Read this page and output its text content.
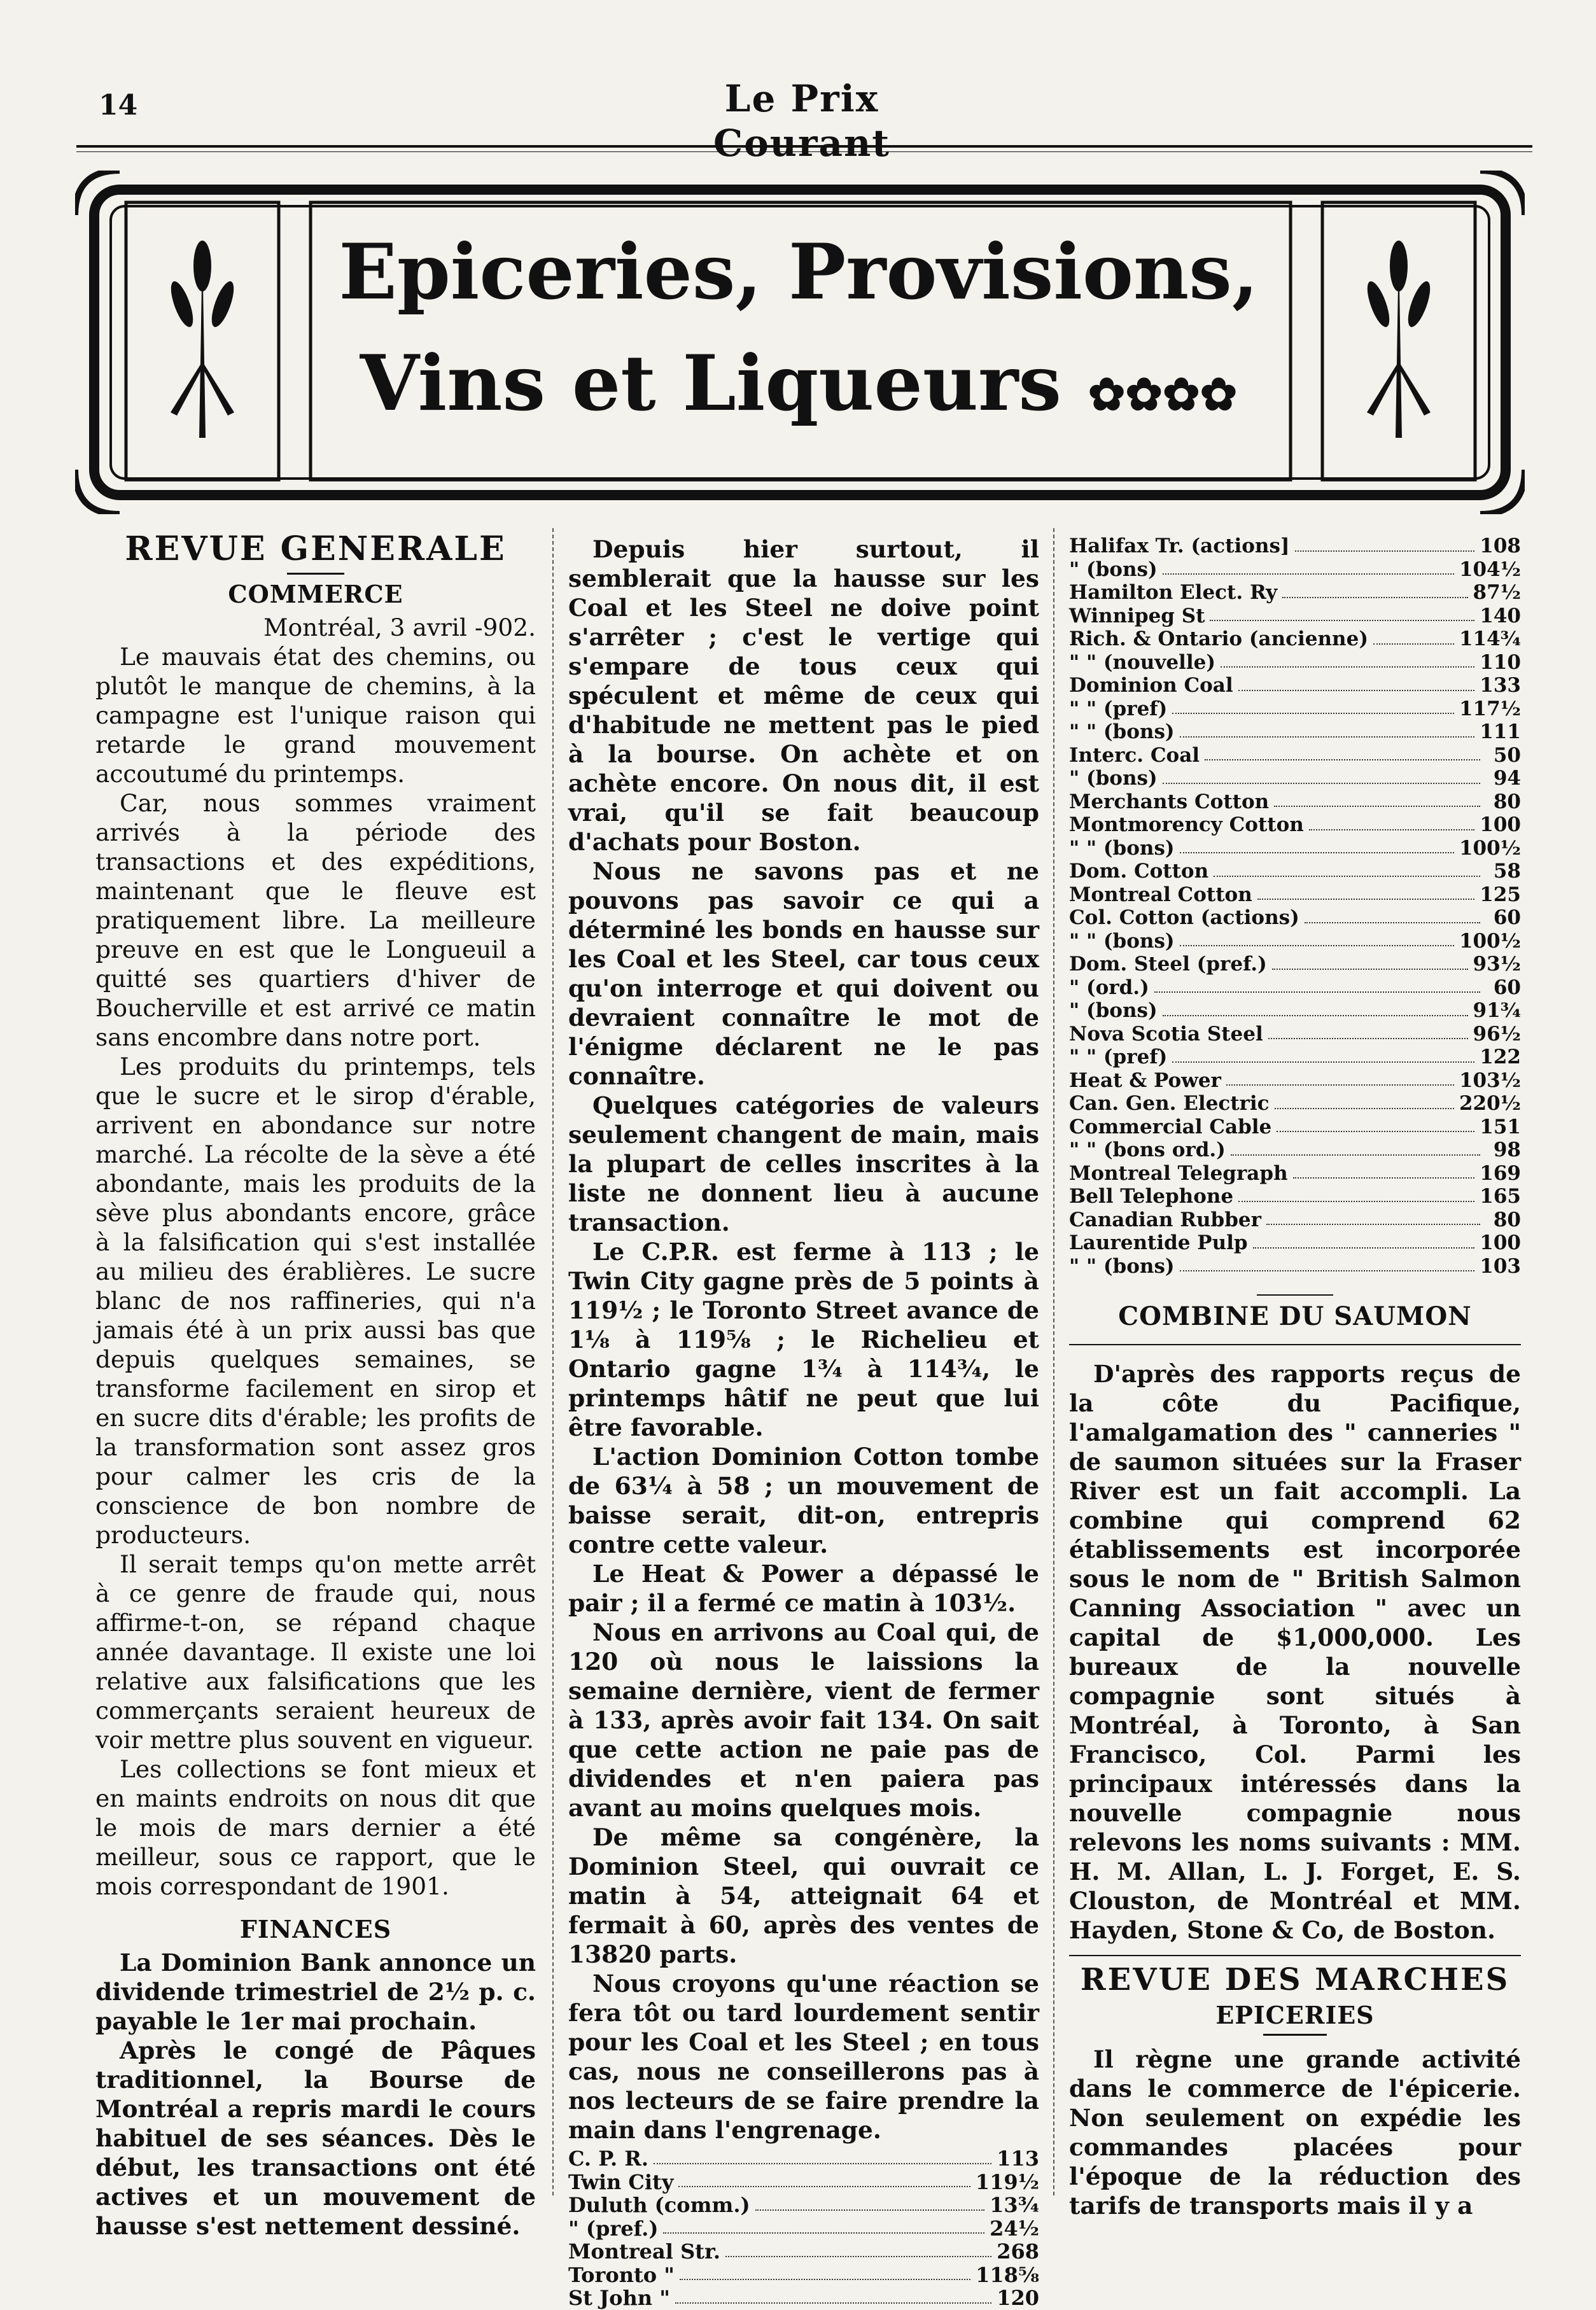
14	Le Prix Courant
Epiceries, Provisions,
Vins et Liqueurs ✿✿✿✿
REVUE GENERALE
COMMERCE

Montréal, 3 avril -902.

Le mauvais état des chemins, ou plutôt le manque de chemins, à la campagne est l'unique raison qui retarde le grand mouvement accoutumé du printemps.

Car, nous sommes vraiment arrivés à la période des transactions et des expéditions, maintenant que le fleuve est pratiquement libre. La meilleure preuve en est que le Longueuil a quitté ses quartiers d'hiver de Boucherville et est arrivé ce matin sans encombre dans notre port.

Les produits du printemps, tels que le sucre et le sirop d'érable, arrivent en abondance sur notre marché. La récolte de la sève a été abondante, mais les produits de la sève plus abondants encore, grâce à la falsification qui s'est installée au milieu des érablières. Le sucre blanc de nos raffineries, qui n'a jamais été à un prix aussi bas que depuis quelques semaines, se transforme facilement en sirop et en sucre dits d'érable; les profits de la transformation sont assez gros pour calmer les cris de la conscience de bon nombre de producteurs.

Il serait temps qu'on mette arrêt à ce genre de fraude qui, nous affirme-t-on, se répand chaque année davantage. Il existe une loi relative aux falsifications que les commerçants seraient heureux de voir mettre plus souvent en vigueur.

Les collections se font mieux et en maints endroits on nous dit que le mois de mars dernier a été meilleur, sous ce rapport, que le mois correspondant de 1901.

FINANCES

La Dominion Bank annonce un dividende trimestriel de 2½ p. c. payable le 1er mai prochain.

Après le congé de Pâques traditionnel, la Bourse de Montréal a repris mardi le cours habituel de ses séances. Dès le début, les transactions ont été actives et un mouvement de hausse s'est nettement dessiné.

Depuis hier surtout, il semblerait que la hausse sur les Coal et les Steel ne doive point s'arrêter ; c'est le vertige qui s'empare de tous ceux qui spéculent et même de ceux qui d'habitude ne mettent pas le pied à la bourse. On achète et on achète encore. On nous dit, il est vrai, qu'il se fait beaucoup d'achats pour Boston.

Nous ne savons pas et ne pouvons pas savoir ce qui a déterminé les bonds en hausse sur les Coal et les Steel, car tous ceux qu'on interroge et qui doivent ou devraient connaître le mot de l'énigme déclarent ne le pas connaître.

Quelques catégories de valeurs seulement changent de main, mais la plupart de celles inscrites à la liste ne donnent lieu à aucune transaction.

Le C.P.R. est ferme à 113 ; le Twin City gagne près de 5 points à 119½ ; le Toronto Street avance de 1⅛ à 119⅝ ; le Richelieu et Ontario gagne 1¾ à 114¾, le printemps hâtif ne peut que lui être favorable.

L'action Dominion Cotton tombe de 63¼ à 58 ; un mouvement de baisse serait, dit-on, entrepris contre cette valeur.

Le Heat & Power a dépassé le pair ; il a fermé ce matin à 103½.

Nous en arrivons au Coal qui, de 120 où nous le laissions la semaine dernière, vient de fermer à 133, après avoir fait 134. On sait que cette action ne paie pas de dividendes et n'en paiera pas avant au moins quelques mois.

De même sa congénère, la Dominion Steel, qui ouvrait ce matin à 54, atteignait 64 et fermait à 60, après des ventes de 13820 parts.

Nous croyons qu'une réaction se fera tôt ou tard lourdement sentir pour les Coal et les Steel ; en tous cas, nous ne conseillerons pas à nos lecteurs de se faire prendre la main dans l'engrenage.

C. P. R.	113
Twin City	119½
Duluth (comm.)	13¾
" (pref.)	24½
Montreal Str.	268
Toronto "	118⅝
St John "	120
Halifax Tr. (actions]	108
" (bons)	104½
Hamilton Elect. Ry	87½
Winnipeg St	140
Rich. & Ontario (ancienne)	114¾
" " (nouvelle)	110
Dominion Coal	133
" " (pref)	117½
" " (bons)	111
Interc. Coal	50
" (bons)	94
Merchants Cotton	80
Montmorency Cotton	100
" " (bons)	100½
Dom. Cotton	58
Montreal Cotton	125
Col. Cotton (actions)	60
" " (bons)	100½
Dom. Steel (pref.)	93½
" (ord.)	60
" (bons)	91¾
Nova Scotia Steel	96½
" " (pref)	122
Heat & Power	103½
Can. Gen. Electric	220½
Commercial Cable	151
" " (bons ord.)	98
Montreal Telegraph	169
Bell Telephone	165
Canadian Rubber	80
Laurentide Pulp	100
" " (bons)	103
COMBINE DU SAUMON

D'après des rapports reçus de la côte du Pacifique, l'amalgamation des " canneries " de saumon situées sur la Fraser River est un fait accompli. La combine qui comprend 62 établissements est incorporée sous le nom de " British Salmon Canning Association " avec un capital de $1,000,000. Les bureaux de la nouvelle compagnie sont situés à Montréal, à Toronto, à San Francisco, Col. Parmi les principaux intéressés dans la nouvelle compagnie nous relevons les noms suivants : MM. H. M. Allan, L. J. Forget, E. S. Clouston, de Montréal et MM. Hayden, Stone & Co, de Boston.

REVUE DES MARCHES
EPICERIES

Il règne une grande activité dans le commerce de l'épicerie. Non seulement on expédie les commandes placées pour l'époque de la réduction des tarifs de transports mais il y a
